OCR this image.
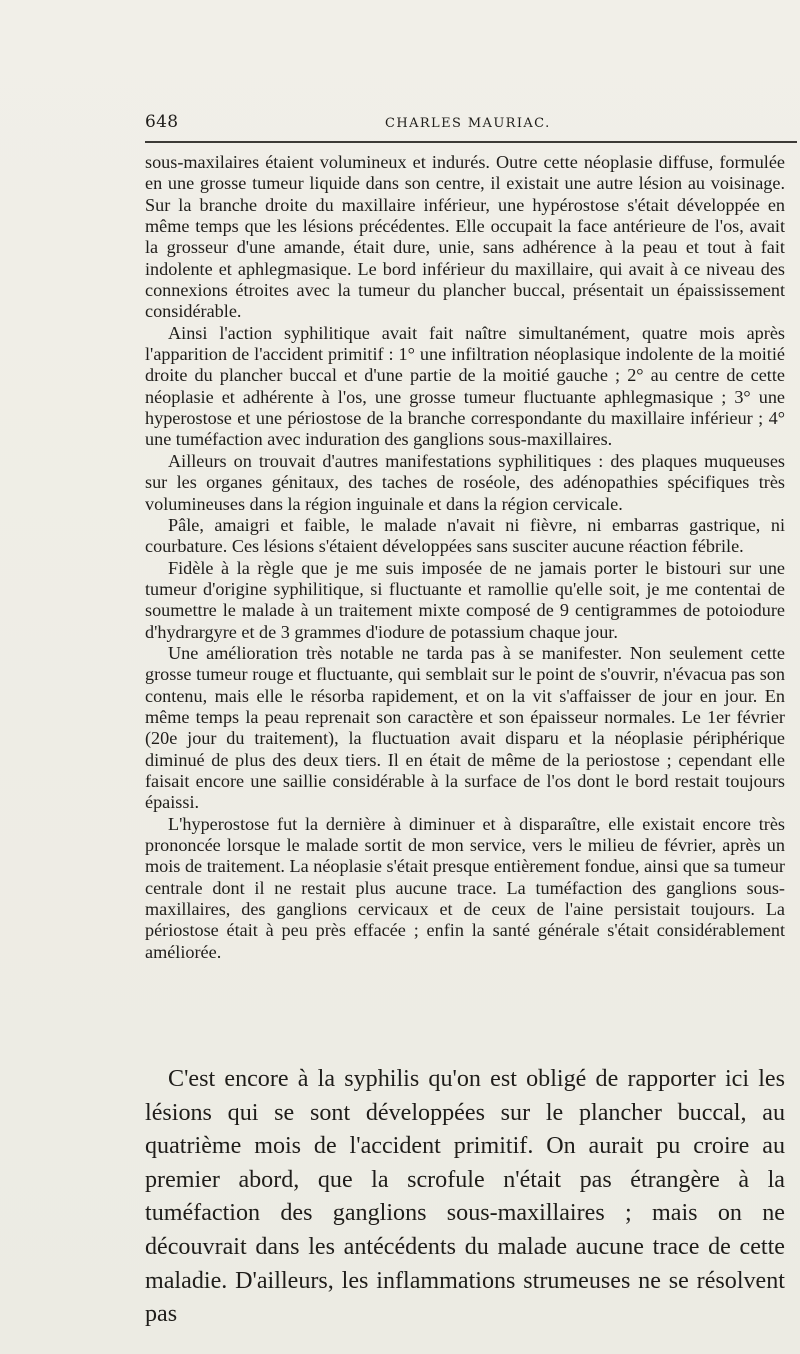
648	CHARLES MAURIAC.

sous-maxilaires étaient volumineux et indurés. Outre cette néoplasie diffuse, formulée en une grosse tumeur liquide dans son centre, il existait une autre lésion au voisinage. Sur la branche droite du maxillaire inférieur, une hypérostose s'était développée en même temps que les lésions précédentes. Elle occupait la face antérieure de l'os, avait la grosseur d'une amande, était dure, unie, sans adhérence à la peau et tout à fait indolente et aphlegmasique. Le bord inférieur du maxillaire, qui avait à ce niveau des connexions étroites avec la tumeur du plancher buccal, présentait un épaississement considérable.

Ainsi l'action syphilitique avait fait naître simultanément, quatre mois après l'apparition de l'accident primitif : 1° une infiltration néoplasique indolente de la moitié droite du plancher buccal et d'une partie de la moitié gauche ; 2° au centre de cette néoplasie et adhérente à l'os, une grosse tumeur fluctuante aphlegmasique ; 3° une hyperostose et une périostose de la branche correspondante du maxillaire inférieur ; 4° une tuméfaction avec induration des ganglions sous-maxillaires.

Ailleurs on trouvait d'autres manifestations syphilitiques : des plaques muqueuses sur les organes génitaux, des taches de roséole, des adénopathies spécifiques très volumineuses dans la région inguinale et dans la région cervicale.

Pâle, amaigri et faible, le malade n'avait ni fièvre, ni embarras gastrique, ni courbature. Ces lésions s'étaient développées sans susciter aucune réaction fébrile.

Fidèle à la règle que je me suis imposée de ne jamais porter le bistouri sur une tumeur d'origine syphilitique, si fluctuante et ramollie qu'elle soit, je me contentai de soumettre le malade à un traitement mixte composé de 9 centigrammes de potoiodure d'hydrargyre et de 3 grammes d'iodure de potassium chaque jour.

Une amélioration très notable ne tarda pas à se manifester. Non seulement cette grosse tumeur rouge et fluctuante, qui semblait sur le point de s'ouvrir, n'évacua pas son contenu, mais elle le résorba rapidement, et on la vit s'affaisser de jour en jour. En même temps la peau reprenait son caractère et son épaisseur normales. Le 1er février (20e jour du traitement), la fluctuation avait disparu et la néoplasie périphérique diminué de plus des deux tiers. Il en était de même de la periostose ; cependant elle faisait encore une saillie considérable à la surface de l'os dont le bord restait toujours épaissi.

L'hyperostose fut la dernière à diminuer et à disparaître, elle existait encore très prononcée lorsque le malade sortit de mon service, vers le milieu de février, après un mois de traitement. La néoplasie s'était presque entièrement fondue, ainsi que sa tumeur centrale dont il ne restait plus aucune trace. La tuméfaction des ganglions sous-maxillaires, des ganglions cervicaux et de ceux de l'aine persistait toujours. La périostose était à peu près effacée ; enfin la santé générale s'était considérablement améliorée.

C'est encore à la syphilis qu'on est obligé de rapporter ici les lésions qui se sont développées sur le plancher buccal, au quatrième mois de l'accident primitif. On aurait pu croire au premier abord, que la scrofule n'était pas étrangère à la tuméfaction des ganglions sous-maxillaires ; mais on ne découvrait dans les antécédents du malade aucune trace de cette maladie. D'ailleurs, les inflammations strumeuses ne se résolvent pas
